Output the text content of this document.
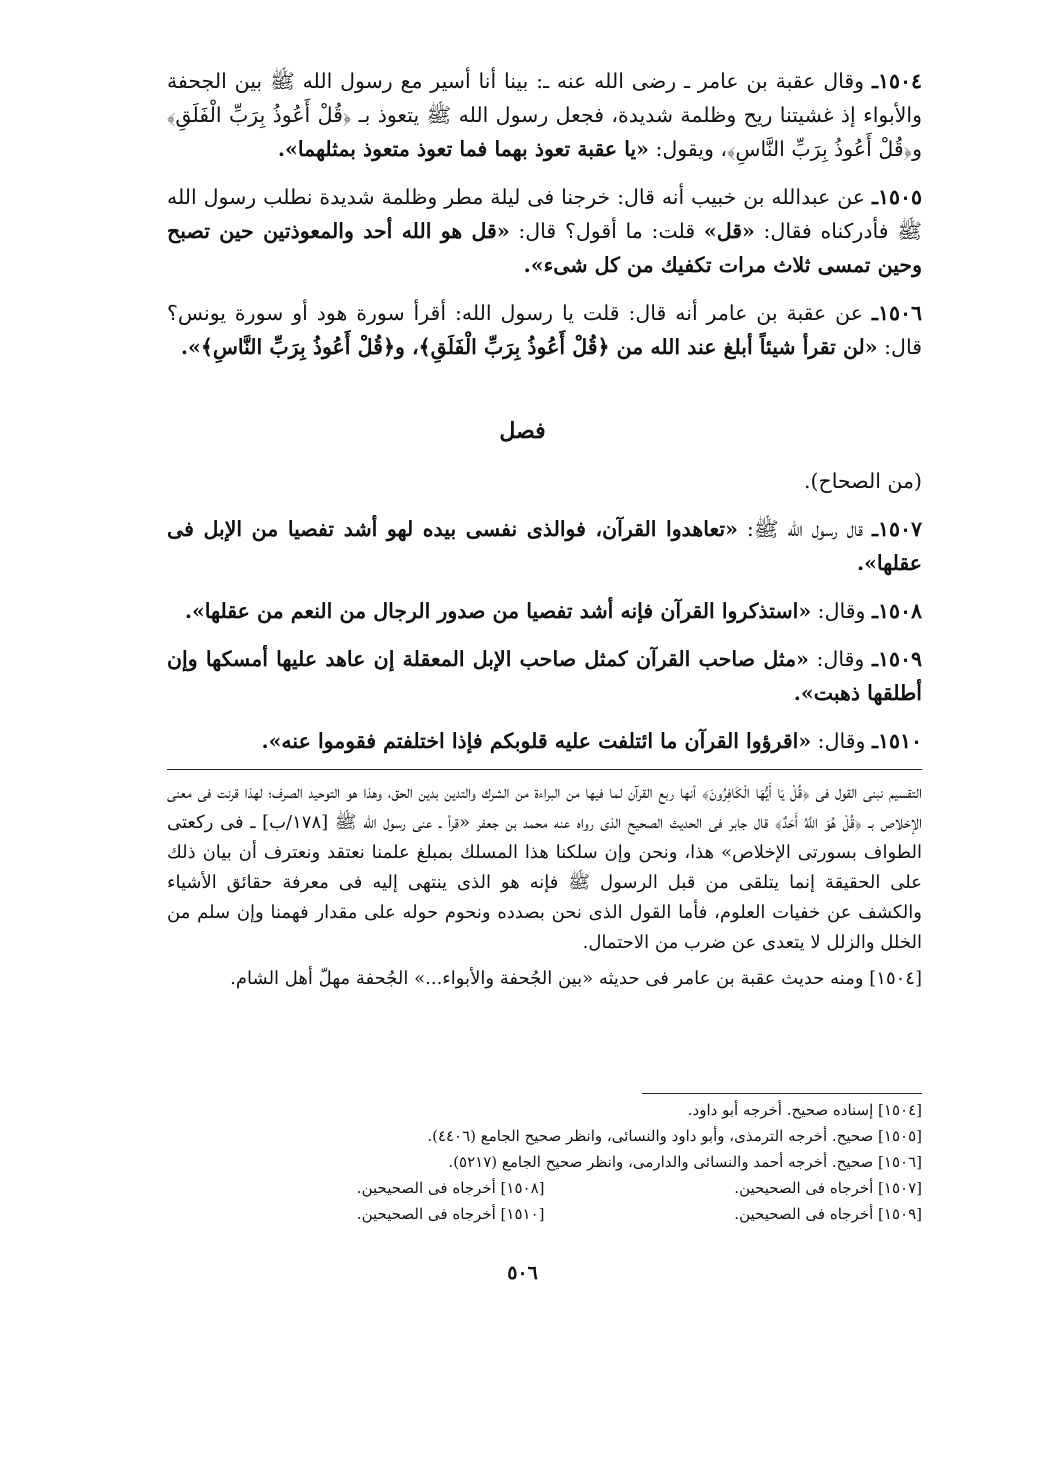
١٥٠٤ـ وقال عقبة بن عامر ـ رضى الله عنه ـ: بينا أنا أسير مع رسول الله ﷺ بين الجحفة والأبواء إذ غشيتنا ريح وظلمة شديدة، فجعل رسول الله ﷺ يتعوذ بـ ﴿قُلْ أَعُوذُ بِرَبِّ الْفَلَقِ﴾ و﴿قُلْ أَعُوذُ بِرَبِّ النَّاسِ﴾، ويقول: «يا عقبة تعوذ بهما فما تعوذ متعوذ بمثلهما».

١٥٠٥ـ عن عبدالله بن خبيب أنه قال: خرجنا فى ليلة مطر وظلمة شديدة نطلب رسول الله ﷺ فأدركناه فقال: «قل» قلت: ما أقول؟ قال: «قل هو الله أحد والمعوذتين حين تصبح وحين تمسى ثلاث مرات تكفيك من كل شىء».

١٥٠٦ـ عن عقبة بن عامر أنه قال: قلت يا رسول الله: أقرأ سورة هود أو سورة يونس؟ قال: «لن تقرأ شيئاً أبلغ عند الله من ﴿قُلْ أَعُوذُ بِرَبِّ الْفَلَقِ﴾، و﴿قُلْ أَعُوذُ بِرَبِّ النَّاسِ﴾».

فصل

(من الصحاح).

١٥٠٧ـ قال رسول الله ﷺ: «تعاهدوا القرآن، فوالذى نفسى بيده لهو أشد تفصيا من الإبل فى عقلها».

١٥٠٨ـ وقال: «استذكروا القرآن فإنه أشد تفصيا من صدور الرجال من النعم من عقلها».

١٥٠٩ـ وقال: «مثل صاحب القرآن كمثل صاحب الإبل المعقلة إن عاهد عليها أمسكها وإن أطلقها ذهبت».

١٥١٠ـ وقال: «اقرؤوا القرآن ما ائتلفت عليه قلوبكم فإذا اختلفتم فقوموا عنه».

التقسيم نبنى القول فى ﴿قُلْ يَا أَيُّهَا الْكَافِرُونَ﴾ أنها ربع القرآن لما فيها من البراءة من الشرك والتدين بدين الحق، وهذا هو التوحيد الصرف؛ لهذا قرنت فى معنى الإخلاص بـ ﴿قُلْ هُوَ اللَّهُ أَحَدٌ﴾ قال جابر فى الحديث الصحيح الذى رواه عنه محمد بن جعفر «قرأ ـ عنى رسول الله ﷺ [١٧٨/ب] ـ فى ركعتى الطواف بسورتى الإخلاص» هذا، ونحن وإن سلكنا هذا المسلك بمبلغ علمنا نعتقد ونعترف أن بيان ذلك على الحقيقة إنما يتلقى من قبل الرسول ﷺ فإنه هو الذى ينتهى إليه فى معرفة حقائق الأشياء والكشف عن خفيات العلوم، فأما القول الذى نحن بصدده ونحوم حوله على مقدار فهمنا وإن سلم من الخلل والزلل لا يتعدى عن ضرب من الاحتمال.

[١٥٠٤] ومنه حديث عقبة بن عامر فى حديثه «بين الجُحفة والأبواء...» الجُحفة مهلّ أهل الشام.

[١٥٠٤] إسناده صحيح. أخرجه أبو داود.
[١٥٠٥] صحيح. أخرجه الترمذى، وأبو داود والنسائى، وانظر صحيح الجامع (٤٤٠٦).
[١٥٠٦] صحيح. أخرجه أحمد والنسائى والدارمى، وانظر صحيح الجامع (٥٢١٧).
[١٥٠٧] أخرجاه فى الصحيحين.
[١٥٠٨] أخرجاه فى الصحيحين.
[١٥٠٩] أخرجاه فى الصحيحين.
[١٥١٠] أخرجاه فى الصحيحين.
٥٠٦
